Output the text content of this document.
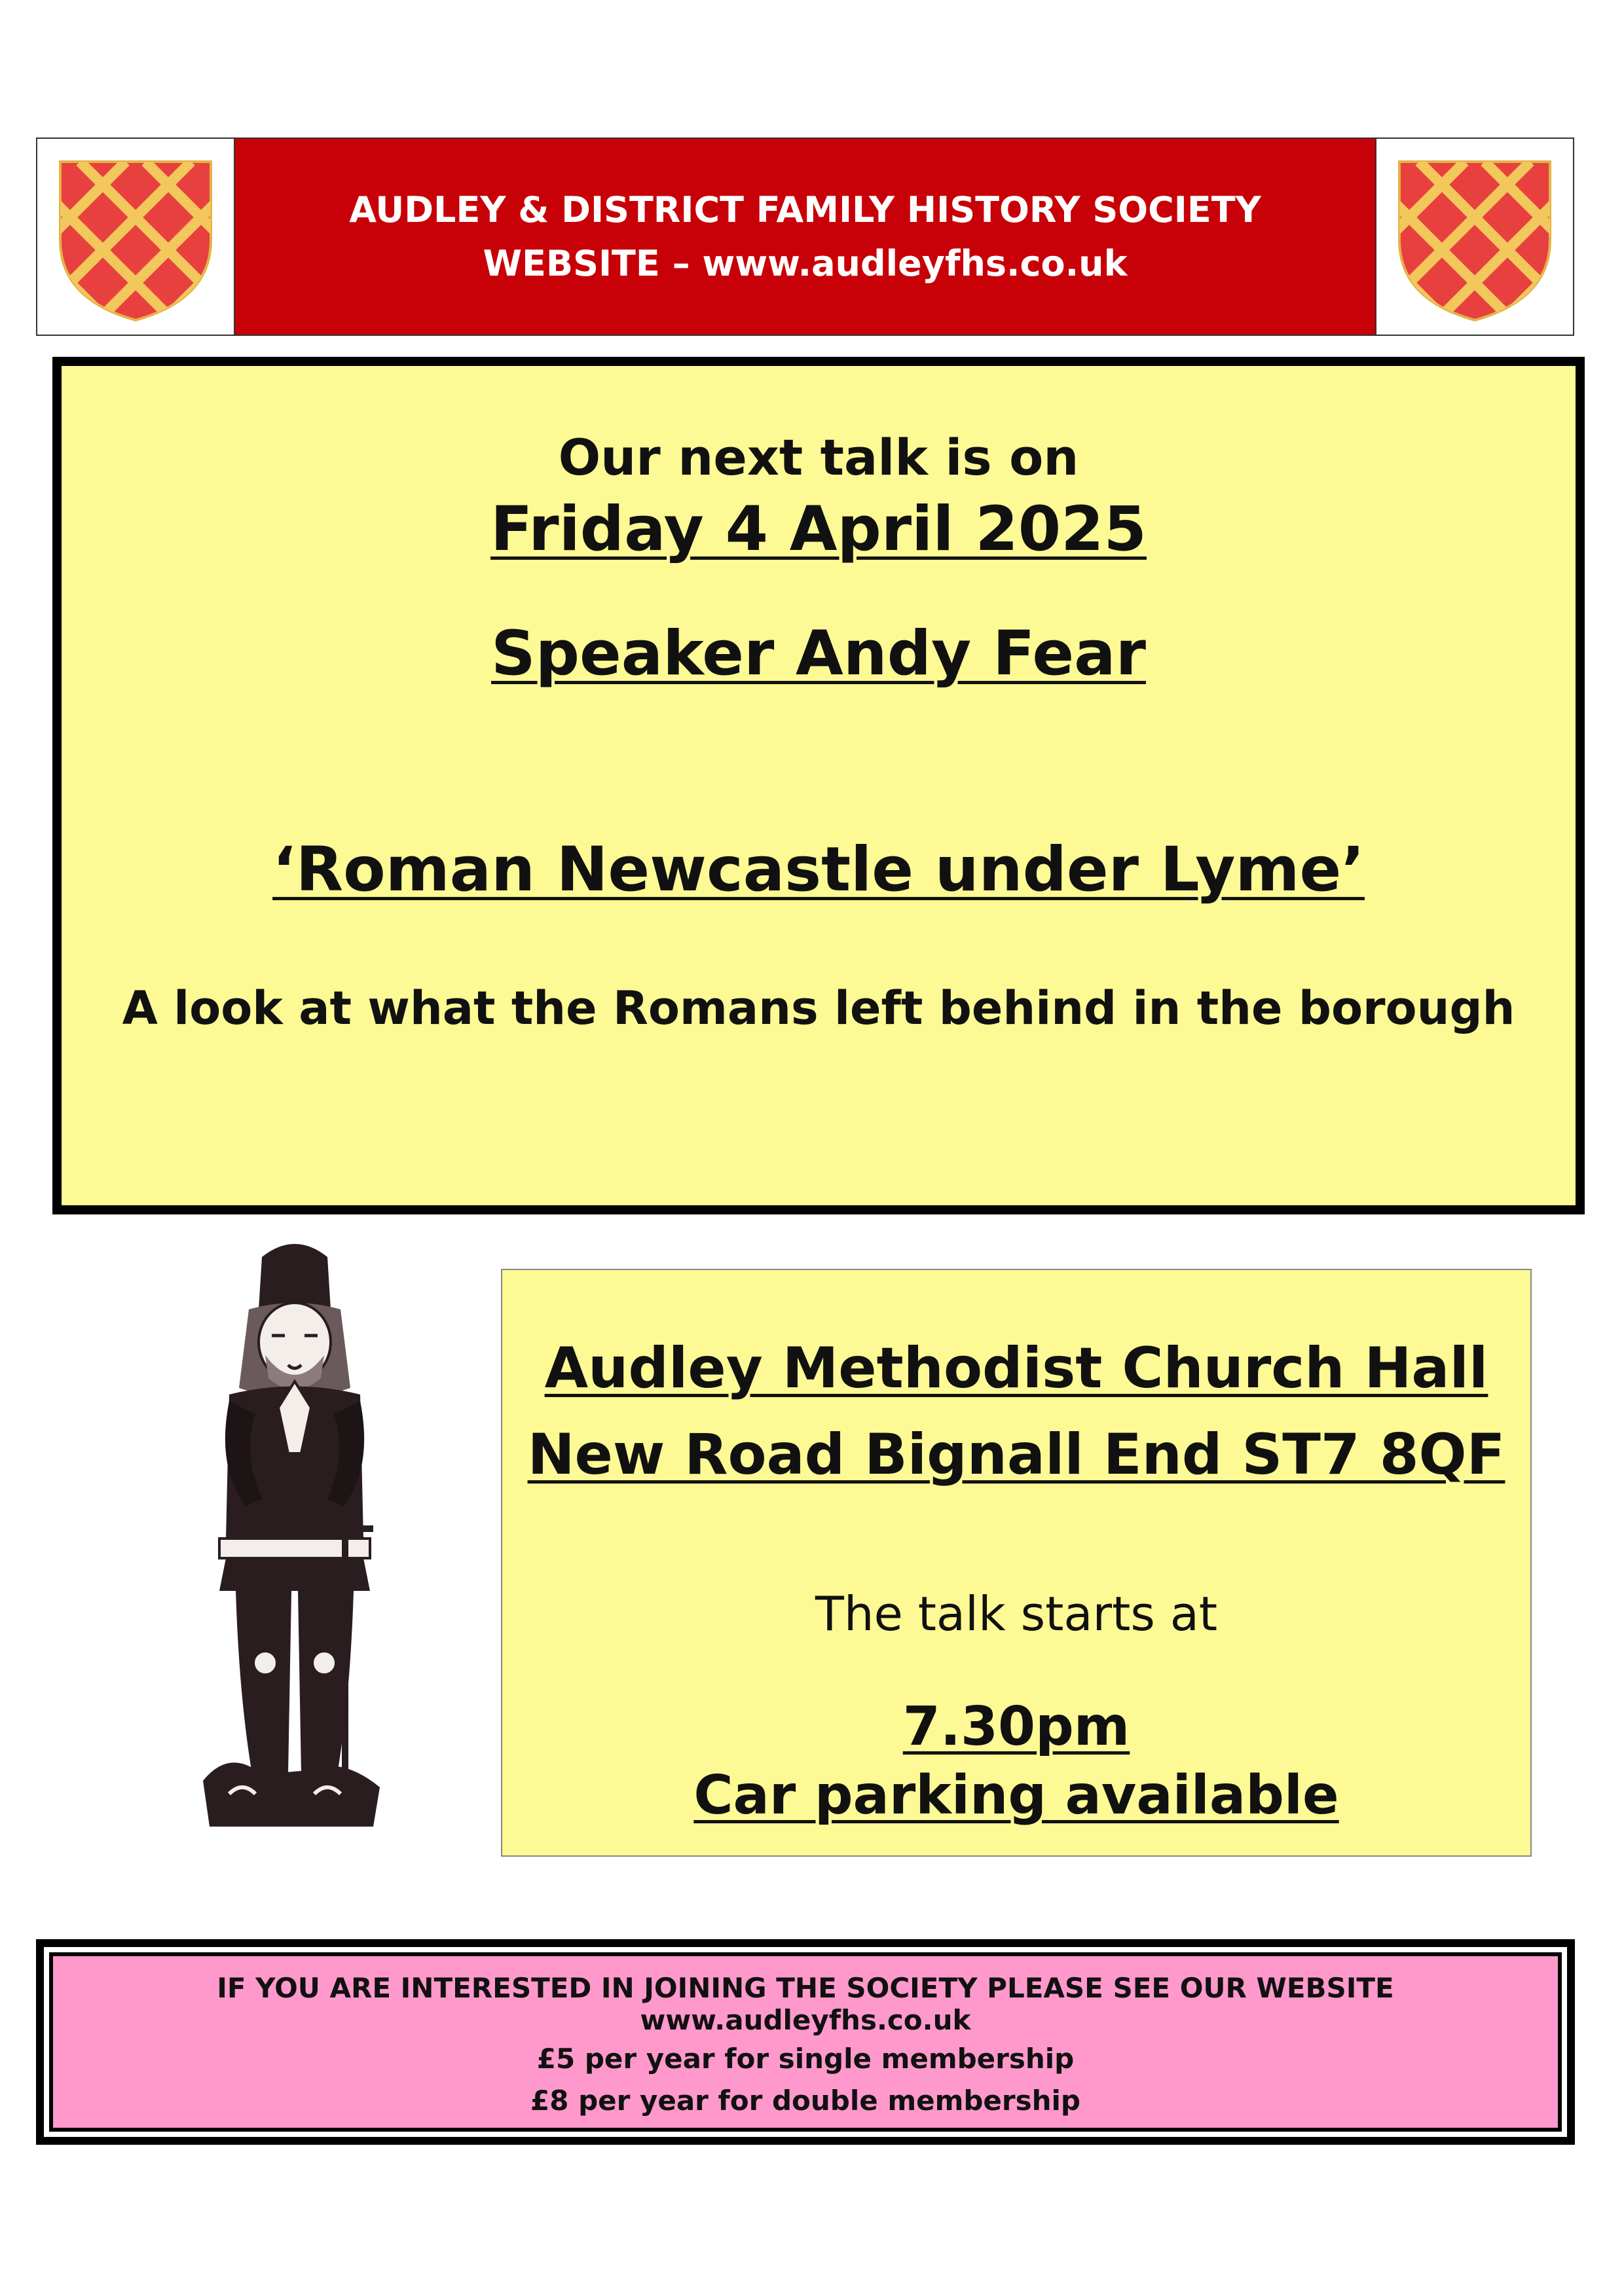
AUDLEY & DISTRICT FAMILY HISTORY SOCIETY
WEBSITE – www.audleyfhs.co.uk
Our next talk is on
Friday 4 April 2025
Speaker Andy Fear
‘Roman Newcastle under Lyme’
A look at what the Romans left behind in the borough
Audley Methodist Church Hall
New Road Bignall End ST7 8QF
The talk starts at
7.30pm
Car parking available
IF YOU ARE INTERESTED IN JOINING THE SOCIETY PLEASE SEE OUR WEBSITE www.audleyfhs.co.uk
£5 per year for single membership
£8 per year for double membership
